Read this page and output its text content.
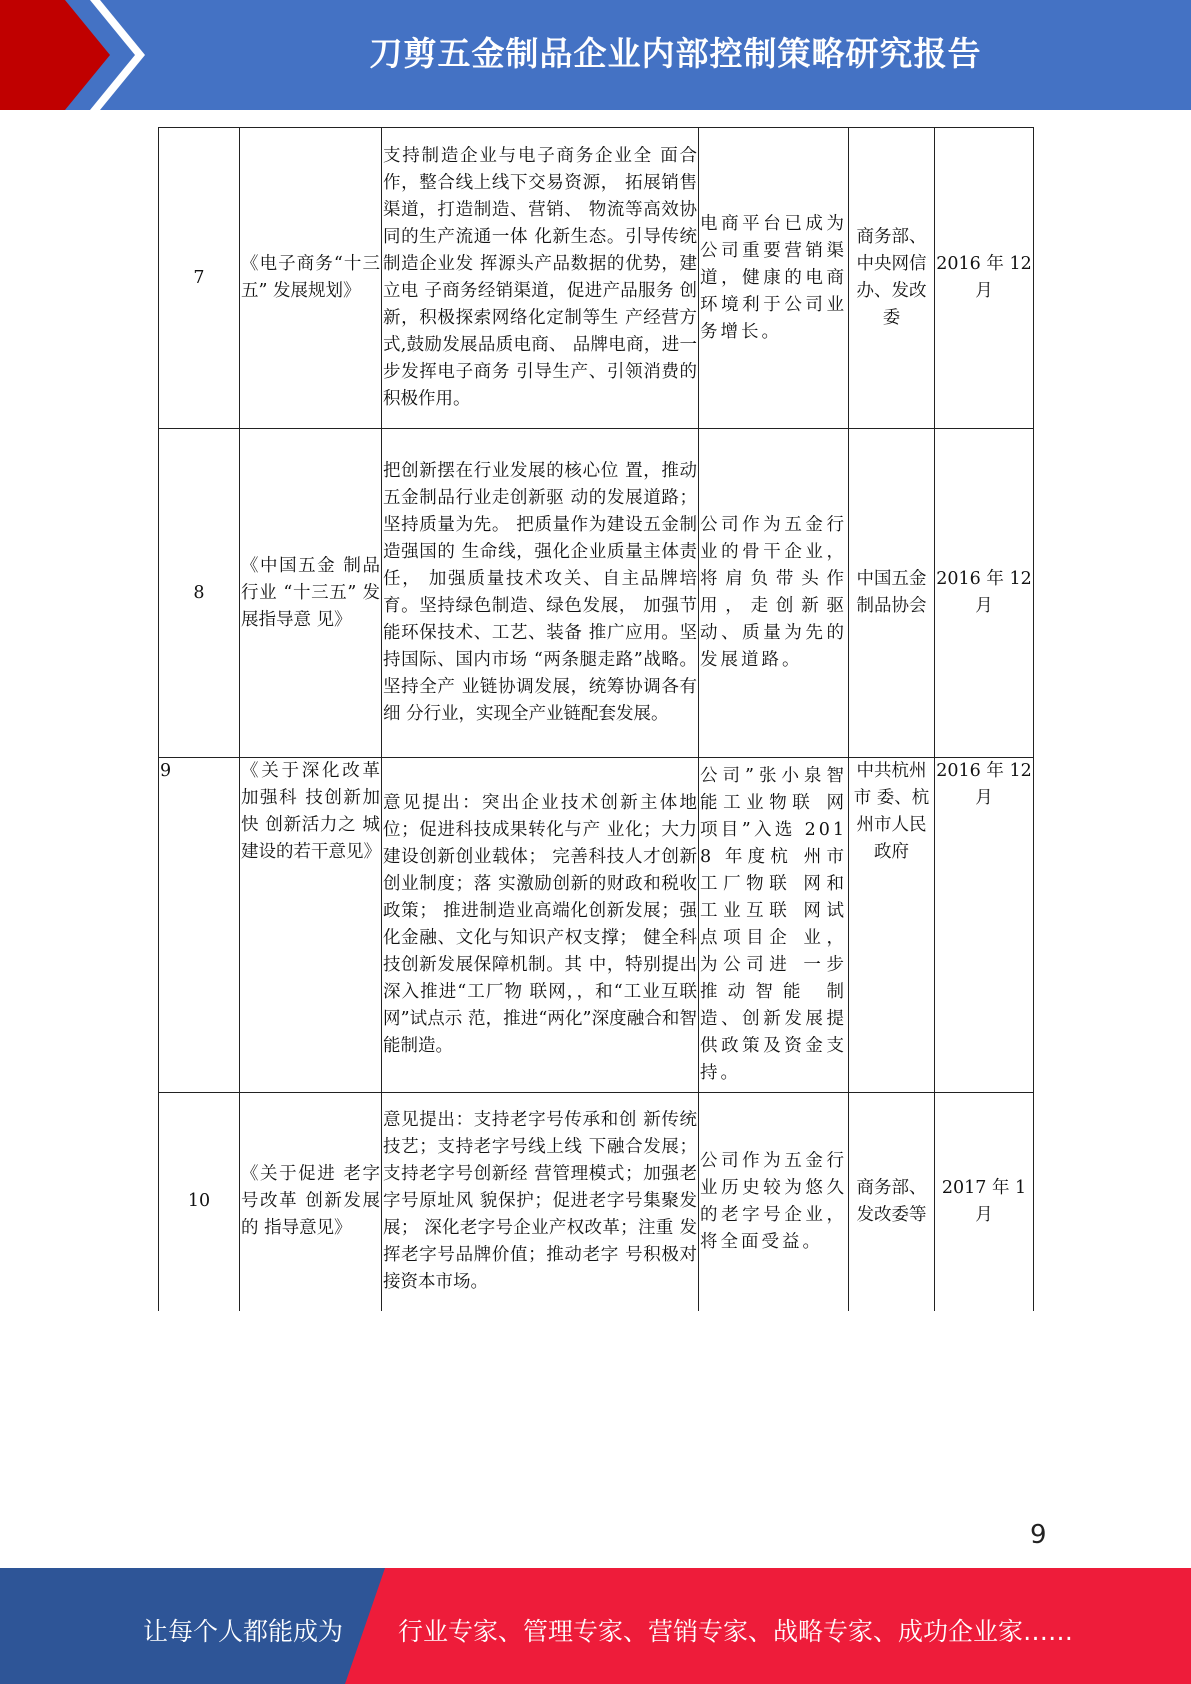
刀剪五金制品企业内部控制策略研究报告
7	《电子商务“十三五” 发展规划》	支持制造企业与电子商务企业全 面合作，整合线上线下交易资源， 拓展销售渠道，打造制造、营销、 物流等高效协同的生产流通一体 化新生态。引导传统制造企业发 挥源头产品数据的优势，建立电 子商务经销渠道，促进产品服务 创新，积极探索网络化定制等生 产经营方式,鼓励发展品质电商、 品牌电商，进一步发挥电子商务 引导生产、引领消费的积极作用。	电商平台已成为公司重要营销渠道，健康的电商环境利于公司业务增长。	商务部、中央网信办、发改委	2016 年 12 月
8	《中国五金 制品行业 “十三五” 发展指导意 见》	把创新摆在行业发展的核心位 置，推动五金制品行业走创新驱 动的发展道路；坚持质量为先。 把质量作为建设五金制造强国的 生命线，强化企业质量主体责任， 加强质量技术攻关、自主品牌培 育。坚持绿色制造、绿色发展， 加强节能环保技术、工艺、装备 推广应用。坚持国际、国内市场 “两条腿走路”战略。坚持全产 业链协调发展，统筹协调各有细 分行业，实现全产业链配套发展。	公司作为五金行业的骨干企业，将肩负带头作用，走创新驱动、质量为先的发展道路。	中国五金制品协会	2016 年 12 月
9	《关于深化改革加强科 技创新加快 创新活力之 城建设的若干意见》	意见提出：突出企业技术创新主体地位；促进科技成果转化与产 业化；大力建设创新创业载体； 完善科技人才创新创业制度；落 实激励创新的财政和税收政策； 推进制造业高端化创新发展；强 化金融、文化与知识产权支撑； 健全科技创新发展保障机制。其 中，特别提出深入推进“工厂物 联网，，和“工业互联网”试点示 范，推进“两化”深度融合和智 能制造。	公司”张小泉智能工业物联 网项目”入选 2018 年度杭 州市工厂物联 网和工业互联 网试点项目企 业，为公司进 一步推动智能 制造、创新发展提供政策及资金支持。	中共杭州市 委、杭州市人民政府	2016 年 12 月
10	《关于促进 老字号改革 创新发展的 指导意见》	意见提出：支持老字号传承和创 新传统技艺；支持老字号线上线 下融合发展；支持老字号创新经 营管理模式；加强老字号原址风 貌保护；促进老字号集聚发展； 深化老字号企业产权改革；注重 发挥老字号品牌价值；推动老字 号积极对接资本市场。	公司作为五金行业历史较为悠久的老字号企业，将全面受益。	商务部、发改委等	2017 年 1 月
9
让每个人都能成为 行业专家、管理专家、营销专家、战略专家、成功企业家……
